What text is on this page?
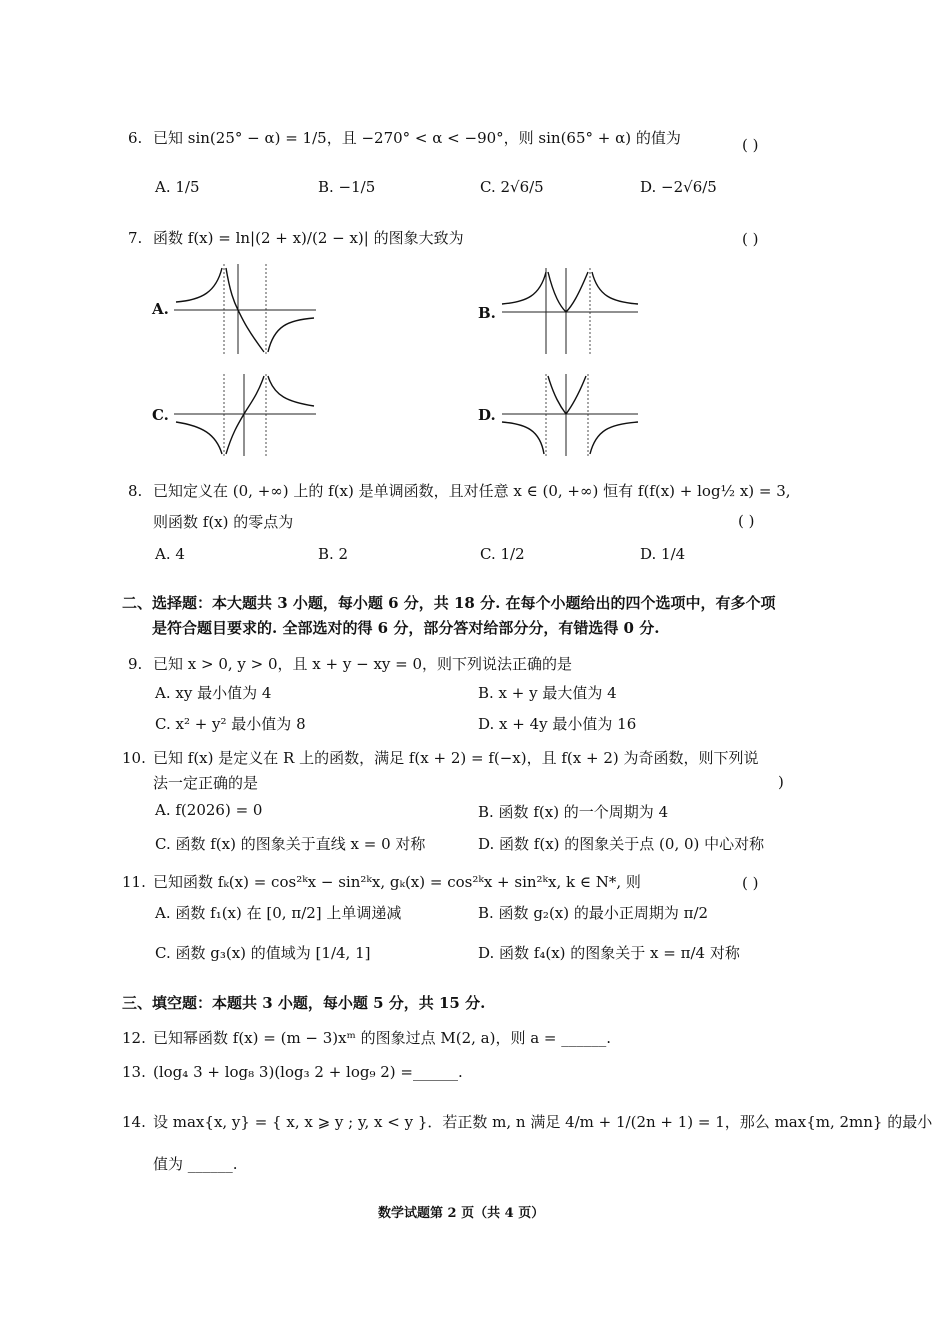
6. 已知 sin(25° − α) = 1/5，且 −270° < α < −90°，则 sin(65° + α) 的值为	( )
A. 1/5	B. −1/5	C. 2√6/5	D. −2√6/5
7. 函数 f(x) = ln|(2 + x)/(2 − x)| 的图象大致为	( )
A.	B.
C.	D.
8. 已知定义在 (0, +∞) 上的 f(x) 是单调函数，且对任意 x ∈ (0, +∞) 恒有 f(f(x) + log½ x) = 3,
则函数 f(x) 的零点为	( )
A. 4	B. 2	C. 1/2	D. 1/4
二、选择题：本大题共 3 小题，每小题 6 分，共 18 分. 在每个小题给出的四个选项中，有多个项
是符合题目要求的. 全部选对的得 6 分，部分答对给部分分，有错选得 0 分.
9. 已知 x > 0, y > 0，且 x + y − xy = 0，则下列说法正确的是
A. xy 最小值为 4	B. x + y 最大值为 4
C. x² + y² 最小值为 8	D. x + 4y 最小值为 16
10. 已知 f(x) 是定义在 R 上的函数，满足 f(x + 2) = f(−x)，且 f(x + 2) 为奇函数，则下列说
法一定正确的是	)
A. f(2026) = 0	B. 函数 f(x) 的一个周期为 4
C. 函数 f(x) 的图象关于直线 x = 0 对称	D. 函数 f(x) 的图象关于点 (0, 0) 中心对称
11. 已知函数 fₖ(x) = cos²ᵏx − sin²ᵏx, gₖ(x) = cos²ᵏx + sin²ᵏx, k ∈ N*, 则	( )
A. 函数 f₁(x) 在 [0, π/2] 上单调递减	B. 函数 g₂(x) 的最小正周期为 π/2
C. 函数 g₃(x) 的值域为 [1/4, 1]	D. 函数 f₄(x) 的图象关于 x = π/4 对称
三、填空题：本题共 3 小题，每小题 5 分，共 15 分.
12. 已知幂函数 f(x) = (m − 3)xᵐ 的图象过点 M(2, a)，则 a = ______.
13. (log₄ 3 + log₈ 3)(log₃ 2 + log₉ 2) =______.
14. 设 max{x, y} = { x, x ⩾ y ; y, x < y }．若正数 m, n 满足 4/m + 1/(2n + 1) = 1，那么 max{m, 2mn} 的最小
值为 ______.
数学试题第 2 页（共 4 页）
